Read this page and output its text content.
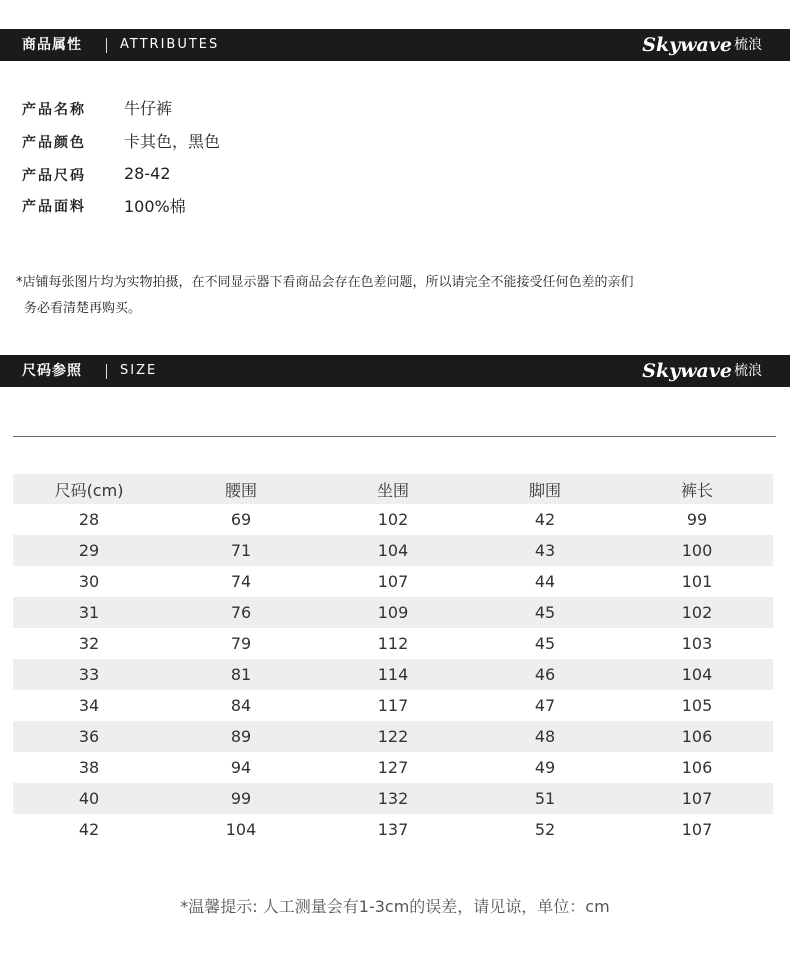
商品属性	ATTRIBUTES	Skywave 梳浪
产品名称 牛仔裤
产品颜色 卡其色，黑色
产品尺码 28-42
产品面料 100%棉
*店铺每张图片均为实物拍摄，在不同显示器下看商品会存在色差问题，所以请完全不能接受任何色差的亲们
务必看清楚再购买。
尺码参照	SIZE	Skywave 梳浪
尺码(cm)	腰围	坐围	脚围	裤长
28	69	102	42	99
29	71	104	43	100
30	74	107	44	101
31	76	109	45	102
32	79	112	45	103
33	81	114	46	104
34	84	117	47	105
36	89	122	48	106
38	94	127	49	106
40	99	132	51	107
42	104	137	52	107
*温馨提示: 人工测量会有1-3cm的误差，请见谅，单位：cm
